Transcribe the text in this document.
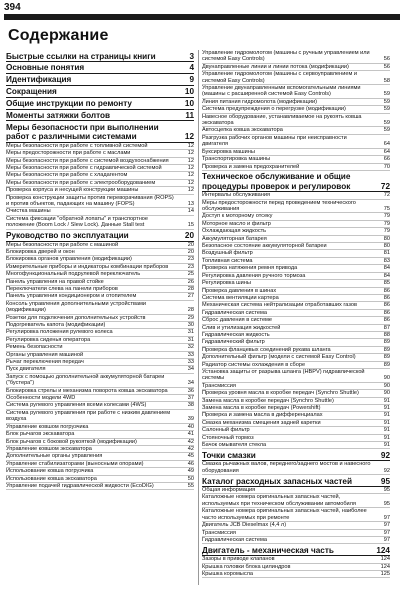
394
Содержание
Быстрые ссылки на страницы книги	3
Основные понятия	4
Идентификация	9
Сокращения	10
Общие инструкции по ремонту	10
Моменты затяжки болтов	11
Меры безопасности при выполнении работ с различными системами	12
Меры безопасности при работе с топливной системой	12
Меры предосторожности при работе с маслами	12
Меры безопасности при работе с системой воздухоснабжения	12
Меры безопасности при работе с гидравлической системой	12
Меры безопасности при работе с хладагентом	12
Меры безопасности при работе с электрооборудованием	12
Проверка корпуса и несущей конструкции машины	12
Проверка конструкции защиты против переворачивания (ROPS) и против объектов, падающих на машину (FOPS)	13
Очистка машины	14
Система фиксации "обратной лопаты" и транспортное положение (Boom Lock / Slew Lock). Данные Stall test	15
Руководство по эксплуатации	20
Меры безопасности при работе с машиной	20
Блокировка дверей и окон	20
Блокировка органов управления (модификации)	23
Измерительные приборы и индикаторы комбинации приборов	23
Многофункциональный подрулевой переключатель	25
Панель управления на правой стойке	26
Переключатели слева на панели приборов	28
Панель управления кондиционером и отопителем	27
Консоль управления дополнительными устройствами (модификации)	28
Розетки для подключения дополнительных устройств	29
Подогреватель капота (модификации)	30
Регулировка положения рулевого колеса	31
Регулировка сиденья оператора	31
Ремень безопасности	32
Органы управления машиной	33
Рычаг переключения передач	33
Пуск двигателя	34
Запуск с помощью дополнительной аккумуляторной батареи ("бустера")	34
Блокировка стрелы и механизма поворота ковша экскаватора	36
Особенности модели 4WD	37
Система рулевого управления всеми колесами (4WS)	38
Система рулевого управления при работе с низким давлением воздуха	39
Управление ковшом погрузчика	40
Блок рычагов экскаватора	41
Блок рычагов с боковой рукояткой (модификации)	42
Управление ковшом экскаватора	42
Дополнительные органы управления	45
Управление стабилизаторами (выносными опорами)	46
Использование ковша погрузчика	49
Использование ковша экскаватора	50
Управление подачей гидравлической жидкости (EcoDIG)	55
Управление гидромолотом (машины с ручным управлением или системой Easy Controls)	56
Двунаправленные линии и линии потока (модификации)	56
Управление гидромолотом (машины с сервоуправлением и системой Easy Controls)	58
Управление двунаправленными вспомогательными линиями (машины с расширенной системой Easy Controls)	59
Линия питания гидромолота (модификации)	59
Система предупреждения о перегрузке (модификации)	59
Навесное оборудование, устанавливаемое на рукоять ковша экскаватора	59
Автосцепка ковша экскаватора	59
Разгрузка рабочих органов машины при неисправности двигателя	64
Буксировка машины	64
Транспортировка машины	66
Проверка и замена предохранителей	70
Техническое обслуживание и общие процедуры проверок и регулировок	72
Интервалы обслуживания	72
Меры предосторожности перед проведением технического обслуживания	75
Доступ к моторному отсеку	79
Моторное масло и фильтр	79
Охлаждающая жидкость	79
Аккумуляторная батарея	80
Безопасное состояние аккумуляторной батареи	80
Воздушный фильтр	81
Топливная система	83
Проверка натяжения ремня привода	84
Регулировка давления ручного тормоза	84
Регулировка шины	85
Проверка давления в шинах	86
Система вентиляции картера	86
Механическая система нейтрализации отработавших газов	86
Гидравлическая система	86
Сброс давления в системе	86
Слив и утилизация жидкостей	87
Гидравлическая жидкость	88
Гидравлический фильтр	89
Проверка фланцевых соединений рукава шланга	89
Дополнительный фильтр (модели с системой Easy Control)	89
Радиатор системы охлаждения в сборе	89
Установка защиты от разрыва шланга (HBPV) гидравлической системы	90
Трансмиссия	90
Проверка уровня масла в коробке передач (Synchro Shuttle)	90
Замена масла в коробке передач (Synchro Shuttle)	91
Замена масла в коробке передач (Powershift)	91
Проверка и замена масла в дифференциалах	91
Смазка механизма смещения задней каретки	91
Салонный фильтр	91
Стояночный тормоз	91
Бачок омывателя стекла	91
Точки смазки	92
Смазка рычажных валов, переднего/заднего мостов и навесного оборудования	92
Каталог расходных запасных частей	95
Общая информация	95
Каталожные номера оригинальных запасных частей, используемых при техническом обслуживании автомобиля	95
Каталожные номера оригинальных запасных частей, наиболее часто используемых при ремонте	97
Двигатель JCB Dieselmax (4,4 л)	97
Трансмиссия	97
Гидравлическая система	97
Двигатель - механическая часть	124
Зазоры в приводе клапанов	124
Крышка головки блока цилиндров	124
Крышка коромысла	125
